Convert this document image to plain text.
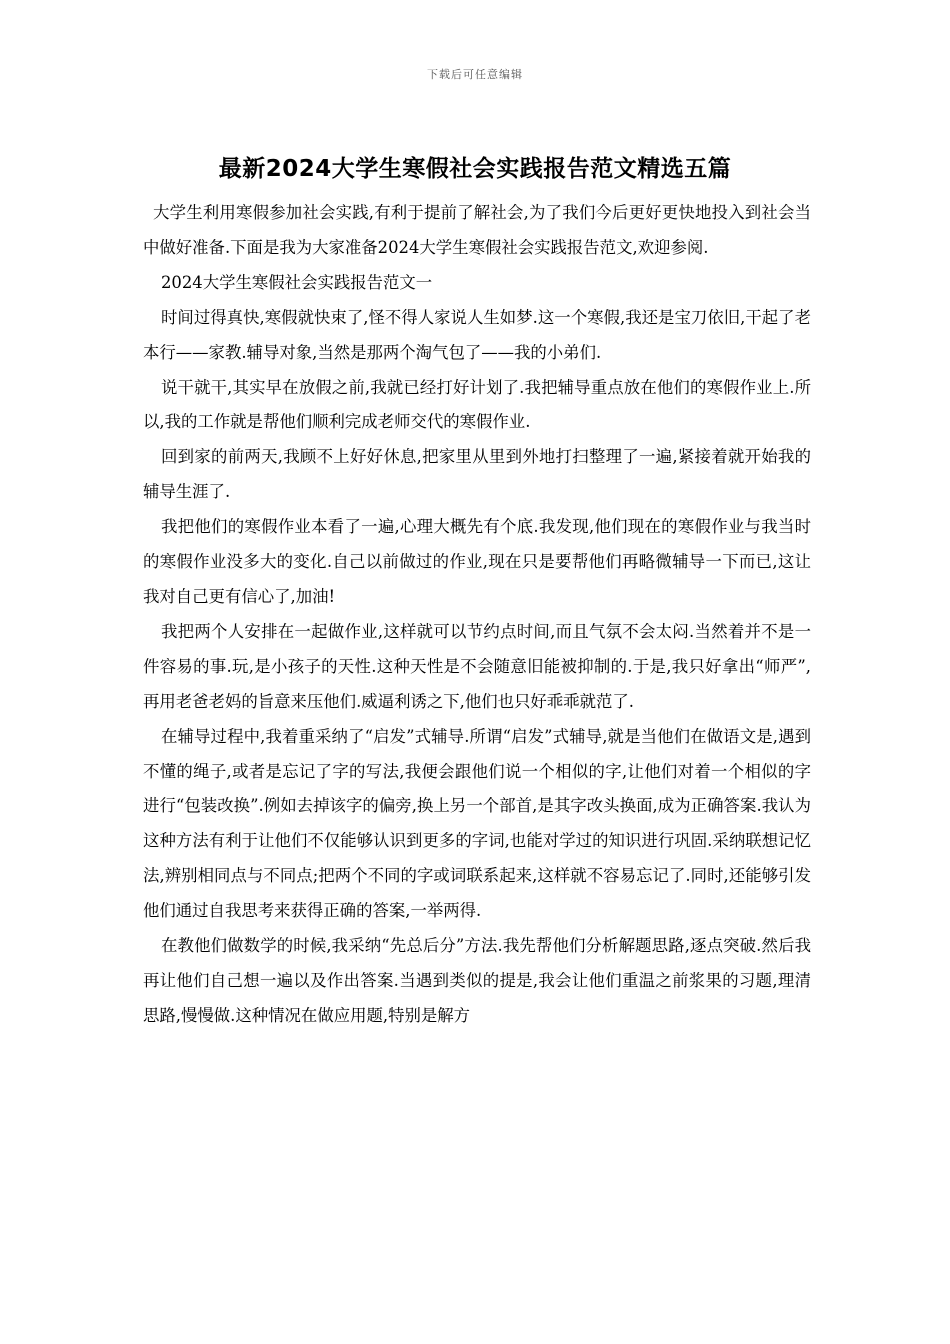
下载后可任意编辑
最新2024大学生寒假社会实践报告范文精选五篇

大学生利用寒假参加社会实践,有利于提前了解社会,为了我们今后更好更快地投入到社会当中做好准备.下面是我为大家准备2024大学生寒假社会实践报告范文,欢迎参阅.

2024大学生寒假社会实践报告范文一

时间过得真快,寒假就快束了,怪不得人家说人生如梦.这一个寒假,我还是宝刀依旧,干起了老本行——家教.辅导对象,当然是那两个淘气包了——我的小弟们.

说干就干,其实早在放假之前,我就已经打好计划了.我把辅导重点放在他们的寒假作业上.所以,我的工作就是帮他们顺利完成老师交代的寒假作业.

回到家的前两天,我顾不上好好休息,把家里从里到外地打扫整理了一遍,紧接着就开始我的辅导生涯了.

我把他们的寒假作业本看了一遍,心理大概先有个底.我发现,他们现在的寒假作业与我当时的寒假作业没多大的变化.自己以前做过的作业,现在只是要帮他们再略微辅导一下而已,这让我对自己更有信心了,加油!

我把两个人安排在一起做作业,这样就可以节约点时间,而且气氛不会太闷.当然着并不是一件容易的事.玩,是小孩子的天性.这种天性是不会随意旧能被抑制的.于是,我只好拿出“师严”,再用老爸老妈的旨意来压他们.威逼利诱之下,他们也只好乖乖就范了.

在辅导过程中,我着重采纳了“启发”式辅导.所谓“启发”式辅导,就是当他们在做语文是,遇到不懂的绳子,或者是忘记了字的写法,我便会跟他们说一个相似的字,让他们对着一个相似的字进行“包装改换”.例如去掉该字的偏旁,换上另一个部首,是其字改头换面,成为正确答案.我认为这种方法有利于让他们不仅能够认识到更多的字词,也能对学过的知识进行巩固.采纳联想记忆法,辨别相同点与不同点;把两个不同的字或词联系起来,这样就不容易忘记了.同时,还能够引发他们通过自我思考来获得正确的答案,一举两得.

在教他们做数学的时候,我采纳“先总后分”方法.我先帮他们分析解题思路,逐点突破.然后我再让他们自己想一遍以及作出答案.当遇到类似的提是,我会让他们重温之前浆果的习题,理清思路,慢慢做.这种情况在做应用题,特别是解方
